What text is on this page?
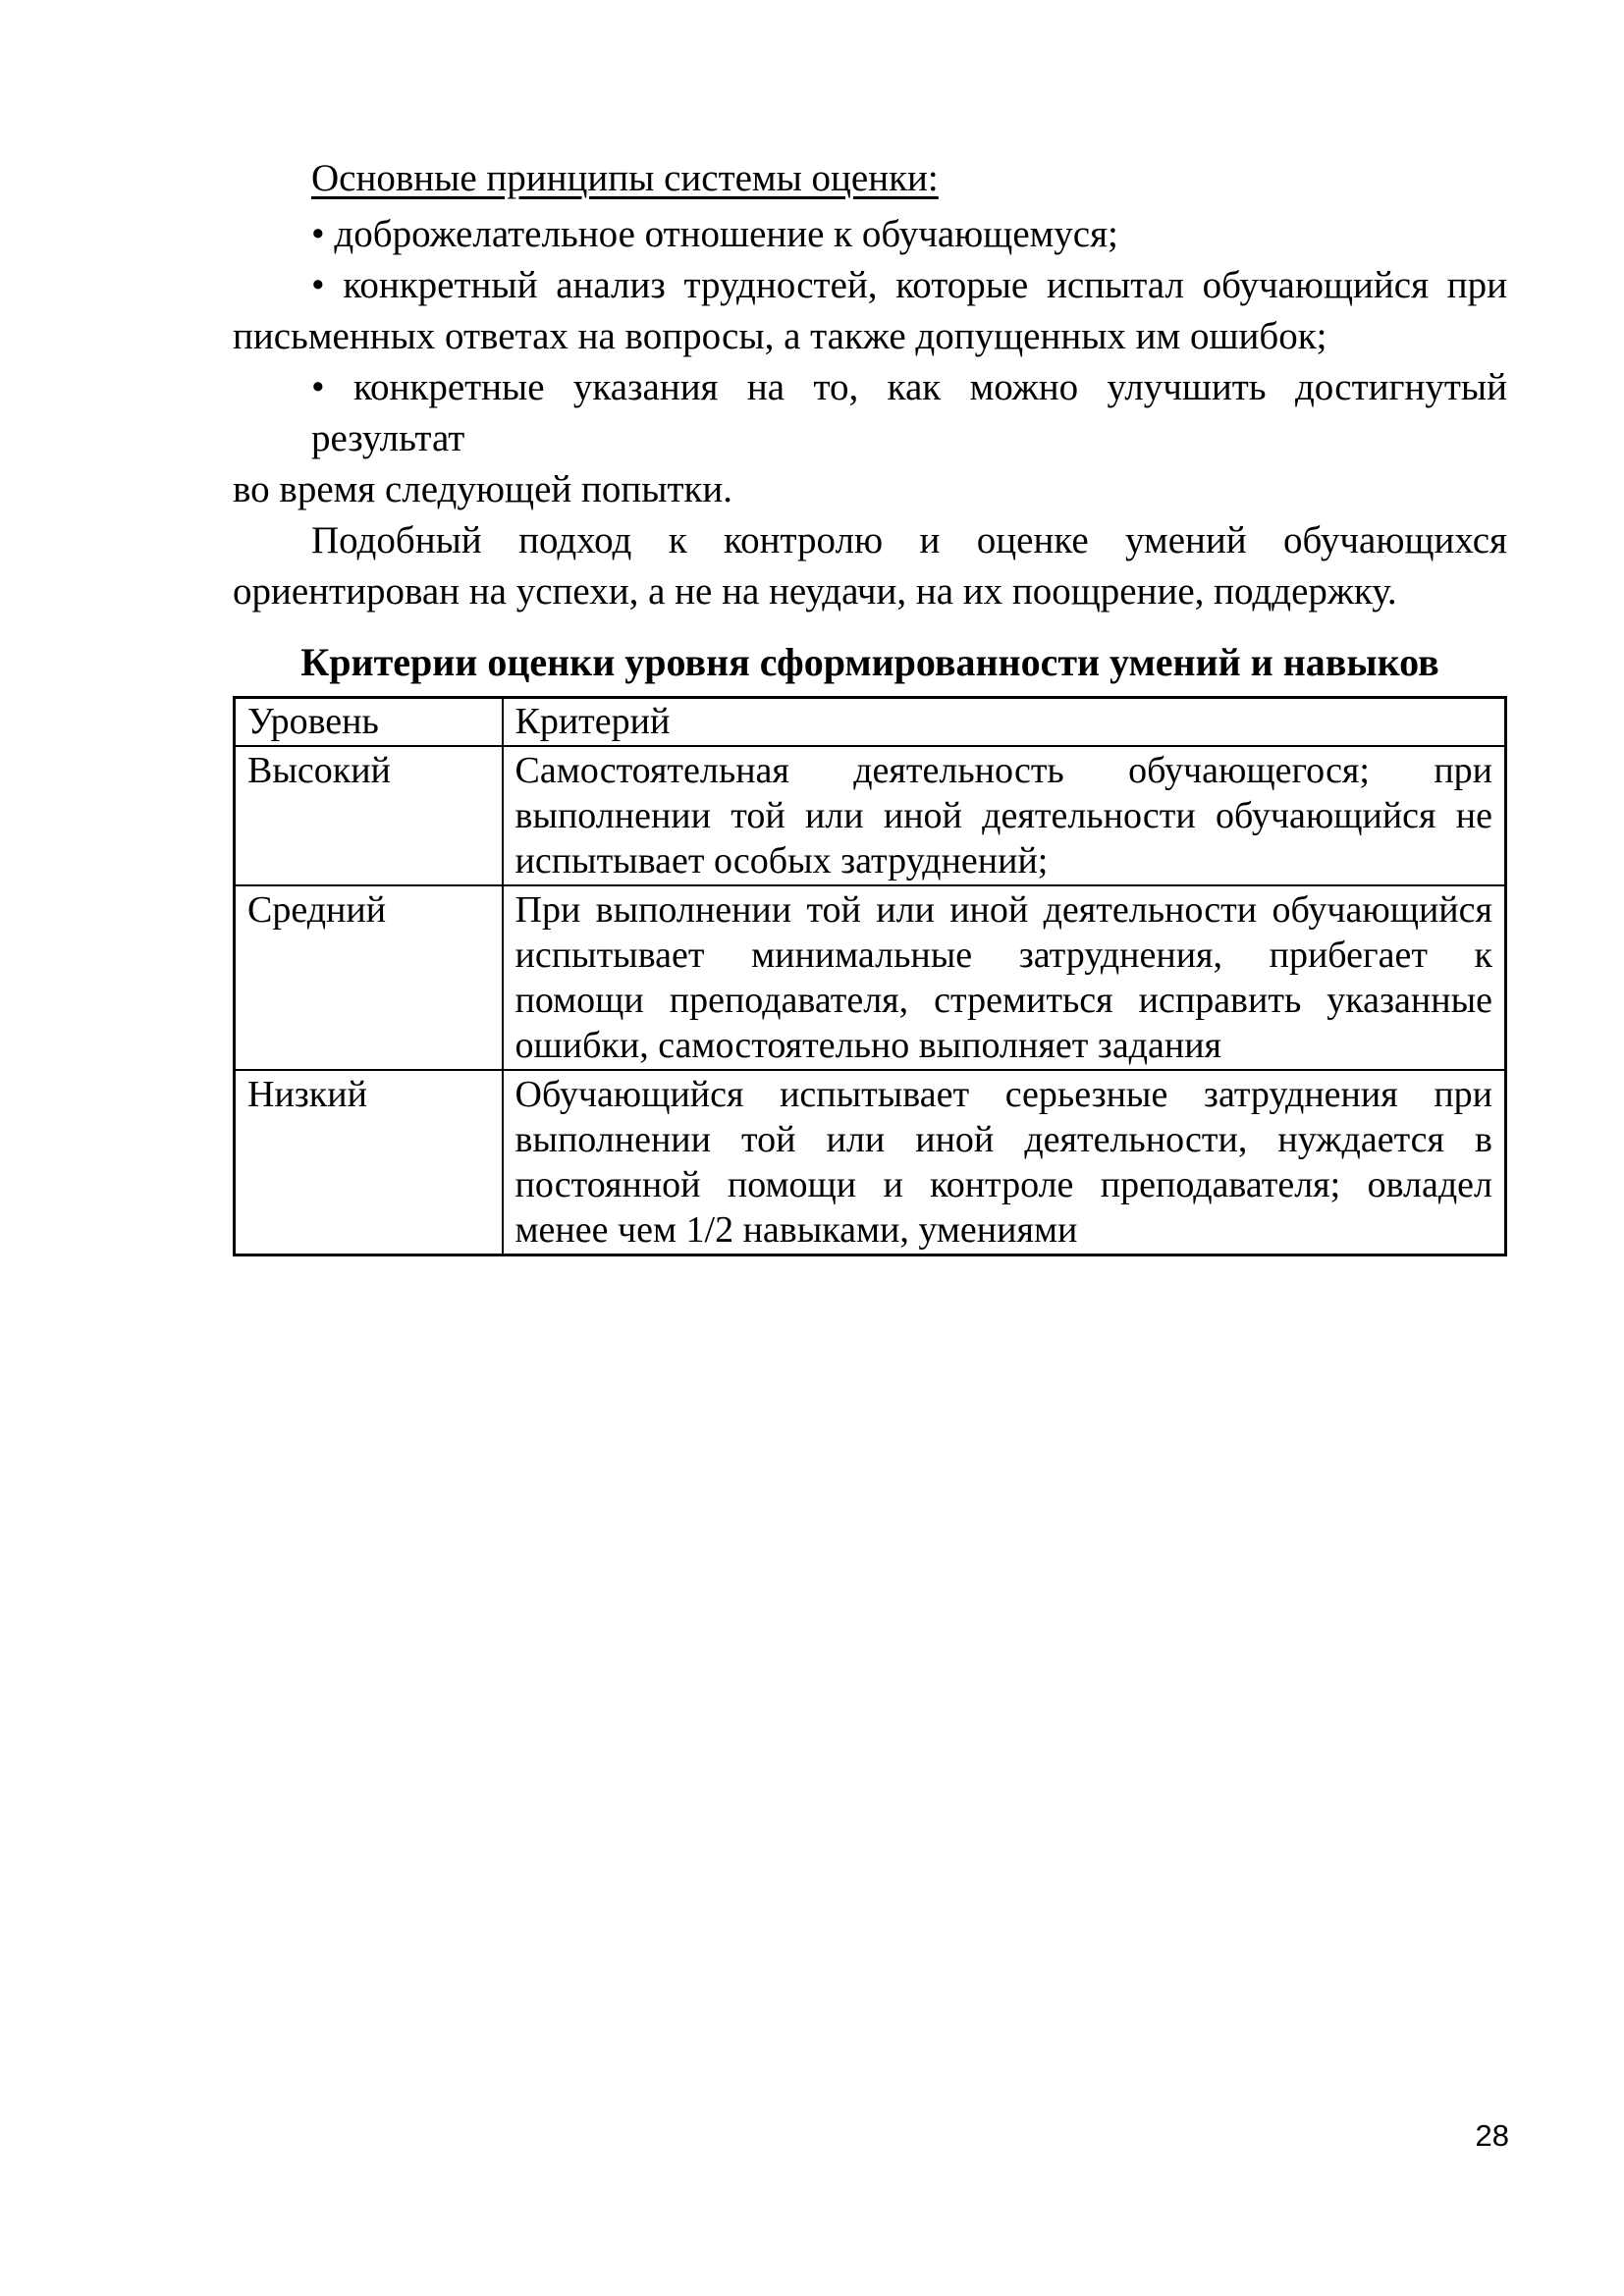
Основные принципы системы оценки:
• доброжелательное отношение к обучающемуся;
• конкретный анализ трудностей, которые испытал обучающийся при
письменных ответах на вопросы, а также допущенных им ошибок;
• конкретные указания на то, как можно улучшить достигнутый результат
во время следующей попытки.
Подобный подход к контролю и оценке умений обучающихся
ориентирован на успехи, а не на неудачи, на их поощрение, поддержку.
Критерии оценки уровня сформированности умений и навыков
Уровень	Критерий
Высокий	Самостоятельная деятельность обучающегося; при
выполнении той или иной деятельности обучающийся не
испытывает особых затруднений;

Средний	При выполнении той или иной деятельности обучающийся
испытывает минимальные затруднения, прибегает к
помощи преподавателя, стремиться исправить указанные
ошибки, самостоятельно выполняет задания

Низкий	Обучающийся испытывает серьезные затруднения при
выполнении той или иной деятельности, нуждается в
постоянной помощи и контроле преподавателя; овладел
менее чем 1/2 навыками, умениями
28
